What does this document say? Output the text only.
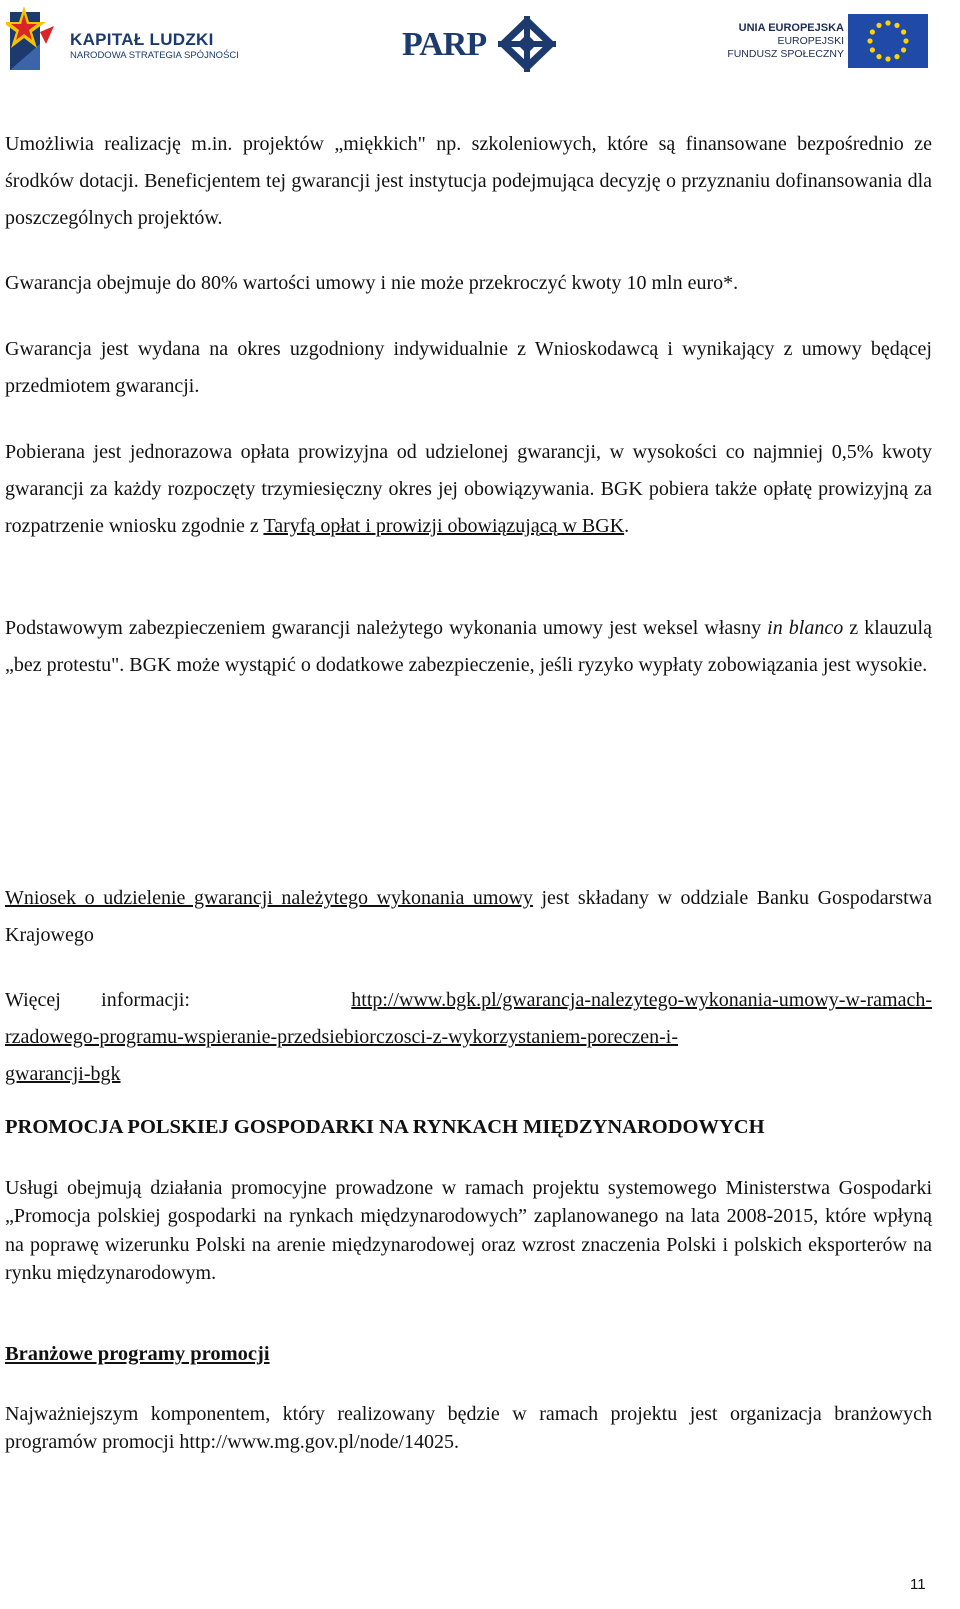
KAPITAŁ LUDZKI
NARODOWA STRATEGIA SPÓJNOŚCI	PARP	UNIA EUROPEJSKA
EUROPEJSKI
FUNDUSZ SPOŁECZNY
Umożliwia realizację m.in. projektów „miękkich" np. szkoleniowych, które są finansowane bezpośrednio ze środków dotacji. Beneficjentem tej gwarancji jest instytucja podejmująca decyzję o przyznaniu dofinansowania dla poszczególnych projektów.
Gwarancja obejmuje do 80% wartości umowy i nie może przekroczyć kwoty 10 mln euro*.
Gwarancja jest wydana na okres uzgodniony indywidualnie z Wnioskodawcą i wynikający z umowy będącej przedmiotem gwarancji.
Pobierana jest jednorazowa opłata prowizyjna od udzielonej gwarancji, w wysokości co najmniej 0,5% kwoty gwarancji za każdy rozpoczęty trzymiesięczny okres jej obowiązywania. BGK pobiera także opłatę prowizyjną za rozpatrzenie wniosku zgodnie z Taryfą opłat i prowizji obowiązującą w BGK.
Podstawowym zabezpieczeniem gwarancji należytego wykonania umowy jest weksel własny in blanco z klauzulą „bez protestu". BGK może wystąpić o dodatkowe zabezpieczenie, jeśli ryzyko wypłaty zobowiązania jest wysokie.
Wniosek o udzielenie gwarancji należytego wykonania umowy jest składany w oddziale Banku Gospodarstwa Krajowego
Więcej informacji:	http://www.bgk.pl/gwarancja-nalezytego-wykonania-umowy-w-ramach-
rzadowego-programu-wspieranie-przedsiebiorczosci-z-wykorzystaniem-poreczen-i-
gwarancji-bgk
PROMOCJA POLSKIEJ GOSPODARKI NA RYNKACH MIĘDZYNARODOWYCH
Usługi obejmują działania promocyjne prowadzone w ramach projektu systemowego Ministerstwa Gospodarki „Promocja polskiej gospodarki na rynkach międzynarodowych” zaplanowanego na lata 2008-2015, które wpłyną na poprawę wizerunku Polski na arenie międzynarodowej oraz wzrost znaczenia Polski i polskich eksporterów na rynku międzynarodowym.
Branżowe programy promocji
Najważniejszym komponentem, który realizowany będzie w ramach projektu jest organizacja branżowych programów promocji http://www.mg.gov.pl/node/14025.
11
